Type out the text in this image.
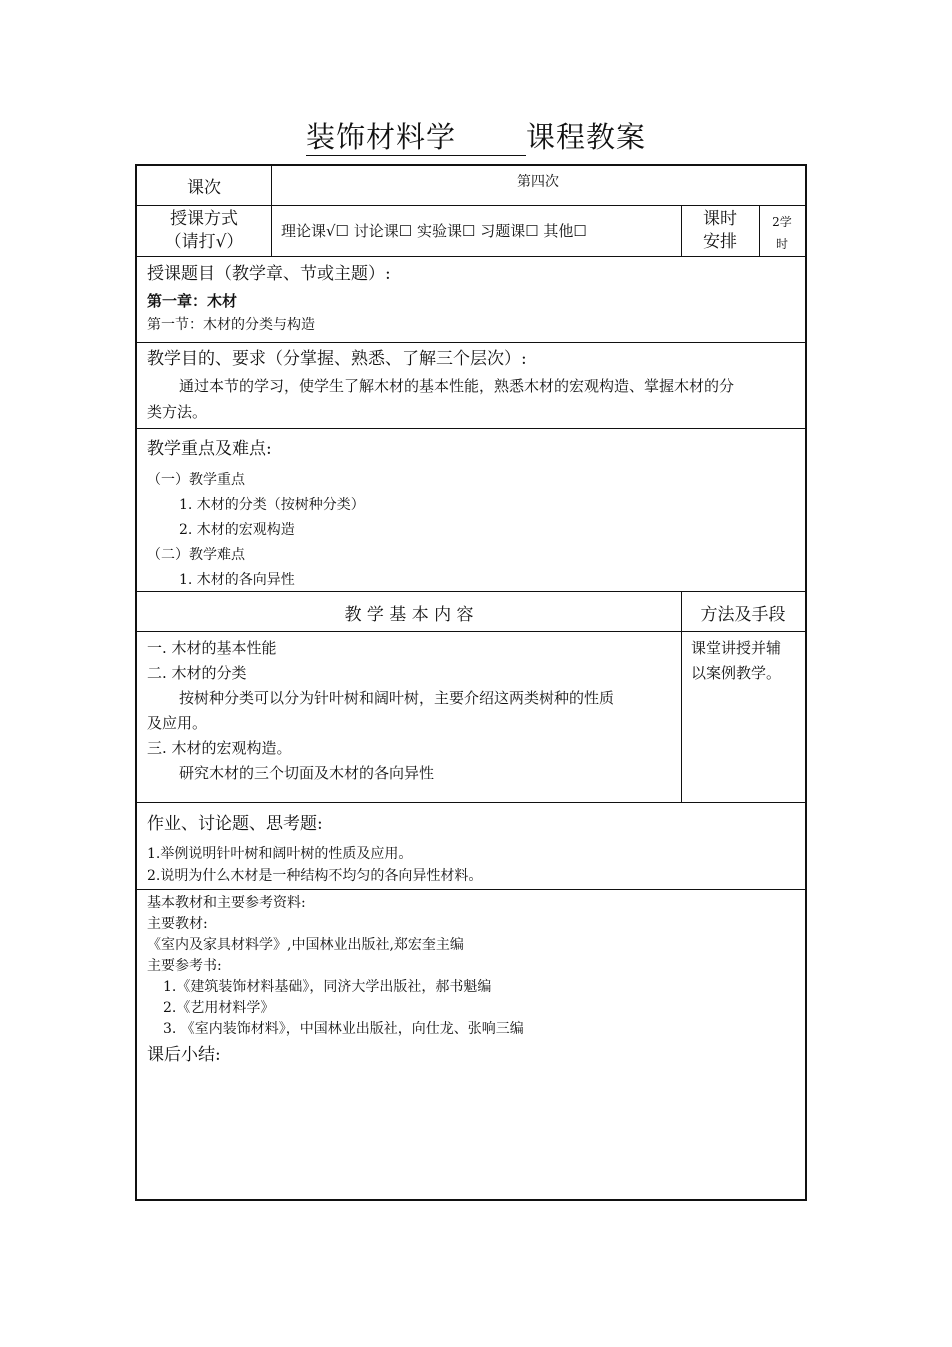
装饰材料学 课程教案
课次	第四次
授课方式
（请打√）
理论课√☐ 讨论课☐ 实验课☐ 习题课☐ 其他☐
课时
安排
2学
时
授课题目（教学章、节或主题）:
第一章：木材
第一节：木材的分类与构造
教学目的、要求（分掌握、熟悉、了解三个层次）:
通过本节的学习，使学生了解木材的基本性能，熟悉木材的宏观构造、掌握木材的分
类方法。
教学重点及难点:
（一）教学重点
1. 木材的分类（按树种分类）
2. 木材的宏观构造
（二）教学难点
1. 木材的各向异性
教 学 基 本 内 容	方法及手段
一. 木材的基本性能
二. 木材的分类
按树种分类可以分为针叶树和阔叶树，主要介绍这两类树种的性质
及应用。
三. 木材的宏观构造。
研究木材的三个切面及木材的各向异性
课堂讲授并辅
以案例教学。
作业、讨论题、思考题:
1.举例说明针叶树和阔叶树的性质及应用。
2.说明为什么木材是一种结构不均匀的各向异性材料。
基本教材和主要参考资料:
主要教材:
《室内及家具材料学》,中国林业出版社,郑宏奎主编
主要参考书:
1.《建筑装饰材料基础》，同济大学出版社，郝书魁编
2.《艺用材料学》
3. 《室内装饰材料》，中国林业出版社，向仕龙、张响三编
课后小结:
